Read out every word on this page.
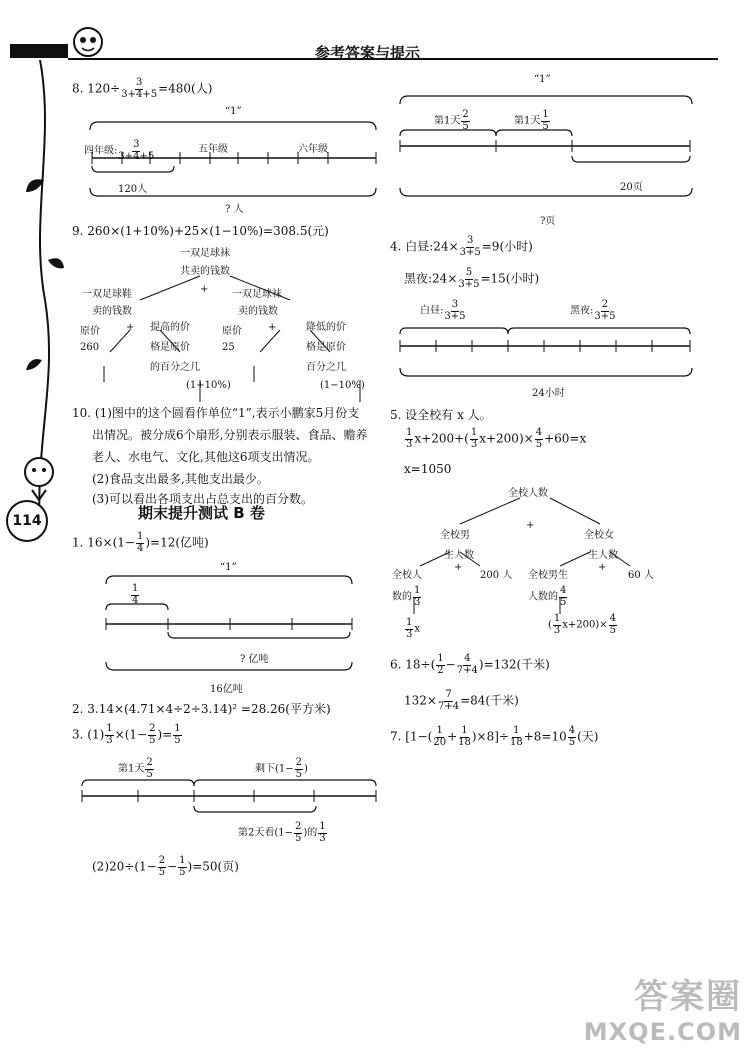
参考答案与提示
114
8. $120\div \frac{3}{3+4+5} =480$(人)
“1”
四年级: $\frac{3}{3+4+5}$	五年级	六年级
120人
? 人
9. 260×(1+10%)+25×(1−10%)=308.5(元)
一双足球袜
共卖的钱数
+
一双足球鞋
卖的钱数
一双足球袜
卖的钱数
原价
260
+ 提高的价
格是原价
的百分之几
(1+10%)
原价
25
+	降低的价
格是原价
百分之几
(1−10%)
10. (1)图中的这个圆看作单位“1”,表示小鹏家5月份支
出情况。被分成6个扇形,分别表示服装、食品、赡养
老人、水电气、文化,其他这6项支出情况。
(2)食品支出最多,其他支出最少。
(3)可以看出各项支出占总支出的百分数。
期末提升测试 B 卷
1. $16\times(1- \frac{1}{4} )=12$(亿吨)
“1”
$\frac{1}{4}$
? 亿吨
16亿吨
2. 3.14×(4.71×4÷2÷3.14)² =28.26(平方米)
3. $(1) \frac{1}{3} \times(1- \frac{2}{5}$ )= $\frac{1}{5}$
第1天 $\frac{2}{5}$	剩下($1- \frac{2}{5}$ )
第2天看($1- \frac{2}{5}$ )的 $\frac{1}{3}$
$(2)20\div(1- \frac{2}{5} - \frac{1}{5} )=50$(页)
“1”
第1天 $\frac{2}{5}$	第1天 $\frac{1}{5}$
20页
?页
4. 白昼:24× $\frac{3}{3+5} =9$(小时)
黑夜:24× $\frac{5}{3+5} =15$(小时)
白昼: $\frac{3}{3+5}$	黑夜: $\frac{2}{3+5}$
24小时
5. 设全校有 x 人。
$\frac{1}{3} x+200+( \frac{1}{3} x+200)\times \frac{4}{5} +60=x$
x=1050
全校人数
+
全校男
生人数
全校女
生人数
全校人
数的 $\frac{1}{3}$
+
200 人 全校男生
人数的 $\frac{4}{5}$
+
60 人
$\frac{1}{3}$ x	( $\frac{1}{3} x+200)\times \frac{4}{5}$
6. $18\div( \frac{1}{2} - \frac{4}{7+4} )=132$(千米)
$132\times \frac{7}{7+4} =84$(千米)
7. $[1-( \frac{1}{20} + \frac{1}{18} )\times 8]\div \frac{1}{18} +8=10 \frac{4}{5}$ (天)
答案圈
MXQE.COM
